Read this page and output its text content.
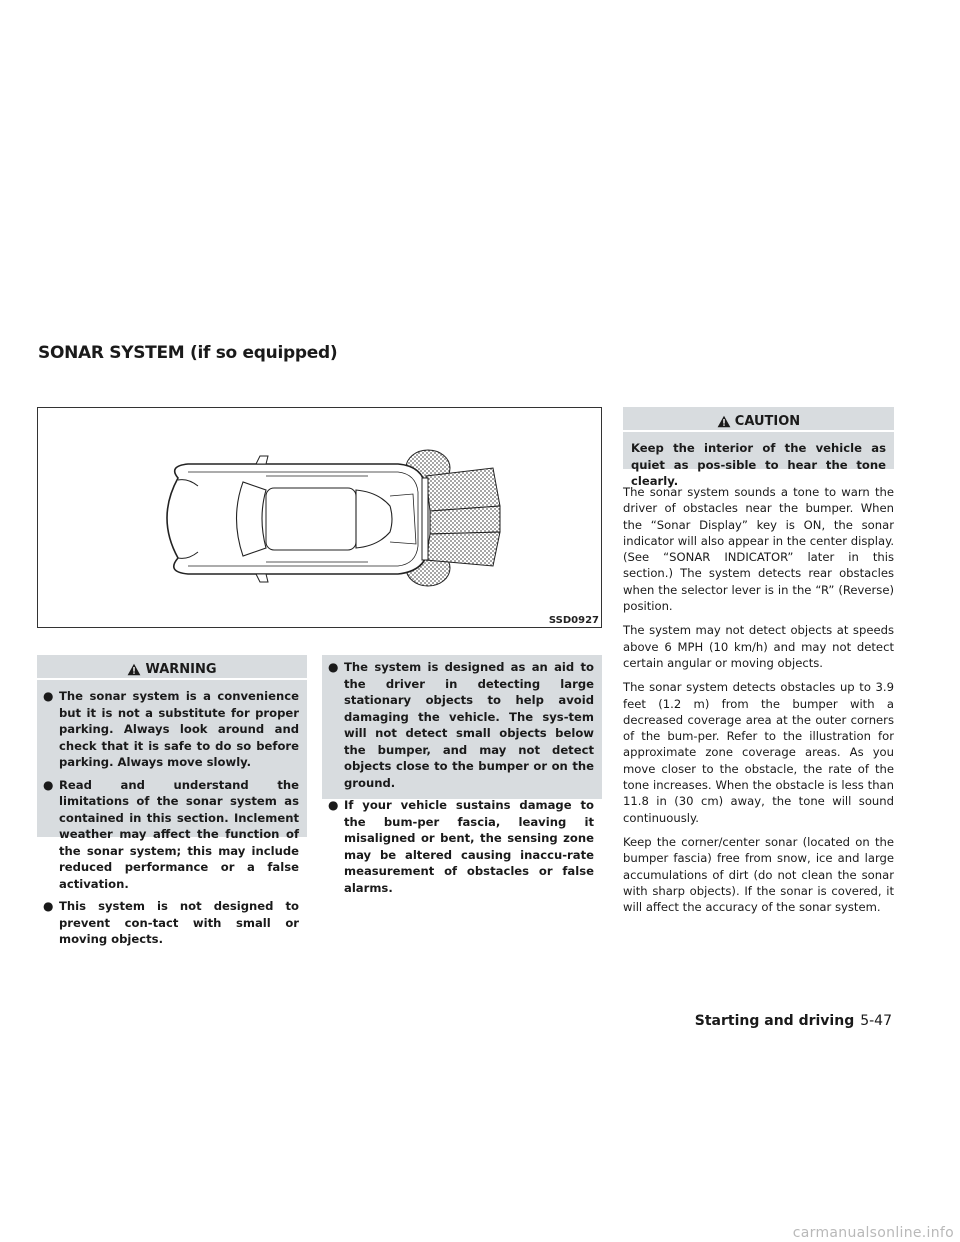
SONAR SYSTEM (if so equipped)
SSD0927
WARNING
● The sonar system is a convenience but it is not a substitute for proper parking. Always look around and check that it is safe to do so before parking. Always move slowly.
● Read and understand the limitations of the sonar system as contained in this section. Inclement weather may affect the function of the sonar system; this may include reduced performance or a false activation.
● This system is not designed to prevent con-tact with small or moving objects.
● The system is designed as an aid to the driver in detecting large stationary objects to help avoid damaging the vehicle. The sys-tem will not detect small objects below the bumper, and may not detect objects close to the bumper or on the ground.
● If your vehicle sustains damage to the bum-per fascia, leaving it misaligned or bent, the sensing zone may be altered causing inaccu-rate measurement of obstacles or false alarms.
CAUTION
Keep the interior of the vehicle as quiet as pos-sible to hear the tone clearly.

The sonar system sounds a tone to warn the driver of obstacles near the bumper. When the “Sonar Display” key is ON, the sonar indicator will also appear in the center display. (See “SONAR INDICATOR” later in this section.) The system detects rear obstacles when the selector lever is in the “R” (Reverse) position.

The system may not detect objects at speeds above 6 MPH (10 km/h) and may not detect certain angular or moving objects.

The sonar system detects obstacles up to 3.9 feet (1.2 m) from the bumper with a decreased coverage area at the outer corners of the bum-per. Refer to the illustration for approximate zone coverage areas. As you move closer to the obstacle, the rate of the tone increases. When the obstacle is less than 11.8 in (30 cm) away, the tone will sound continuously.

Keep the corner/center sonar (located on the bumper fascia) free from snow, ice and large accumulations of dirt (do not clean the sonar with sharp objects). If the sonar is covered, it will affect the accuracy of the sonar system.

Starting and driving 5-47
carmanualsonline.info
